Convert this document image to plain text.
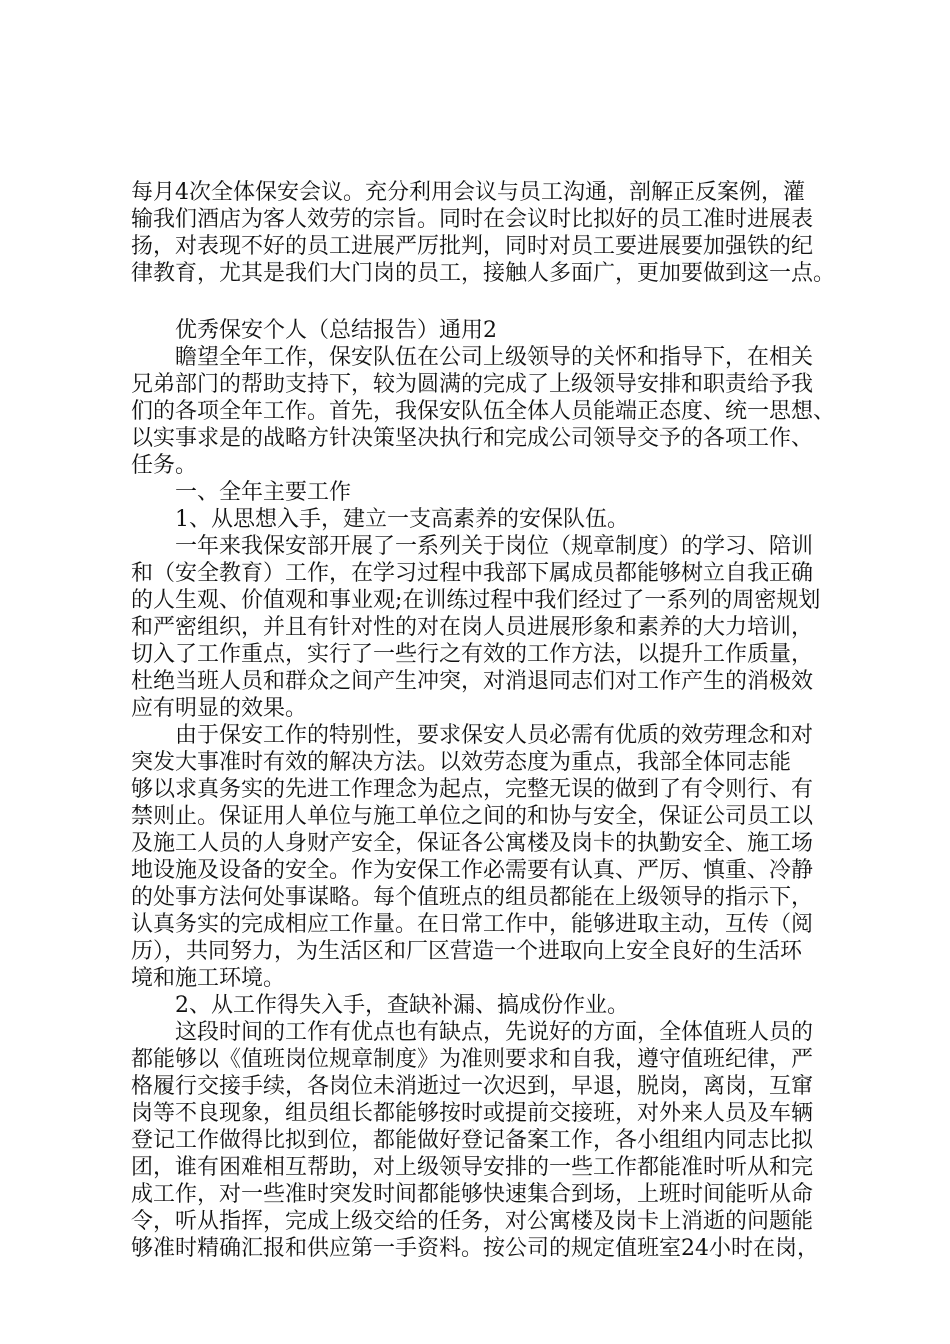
每月4次全体保安会议。充分利用会议与员工沟通，剖解正反案例，灌
输我们酒店为客人效劳的宗旨。同时在会议时比拟好的员工准时进展表
扬，对表现不好的员工进展严厉批判，同时对员工要进展要加强铁的纪
律教育，尤其是我们大门岗的员工，接触人多面广，更加要做到这一点。
　　优秀保安个人（总结报告）通用2
　　瞻望全年工作，保安队伍在公司上级领导的关怀和指导下，在相关
兄弟部门的帮助支持下，较为圆满的完成了上级领导安排和职责给予我
们的各项全年工作。首先，我保安队伍全体人员能端正态度、统一思想、
以实事求是的战略方针决策坚决执行和完成公司领导交予的各项工作、
任务。
　　一、全年主要工作
　　1、从思想入手，建立一支高素养的安保队伍。
　　一年来我保安部开展了一系列关于岗位（规章制度）的学习、陪训
和（安全教育）工作，在学习过程中我部下属成员都能够树立自我正确
的人生观、价值观和事业观;在训练过程中我们经过了一系列的周密规划
和严密组织，并且有针对性的对在岗人员进展形象和素养的大力培训，
切入了工作重点，实行了一些行之有效的工作方法，以提升工作质量，
杜绝当班人员和群众之间产生冲突，对消退同志们对工作产生的消极效
应有明显的效果。
　　由于保安工作的特别性，要求保安人员必需有优质的效劳理念和对
突发大事准时有效的解决方法。以效劳态度为重点，我部全体同志能
够以求真务实的先进工作理念为起点，完整无误的做到了有令则行、有
禁则止。保证用人单位与施工单位之间的和协与安全，保证公司员工以
及施工人员的人身财产安全，保证各公寓楼及岗卡的执勤安全、施工场
地设施及设备的安全。作为安保工作必需要有认真、严厉、慎重、冷静
的处事方法何处事谋略。每个值班点的组员都能在上级领导的指示下，
认真务实的完成相应工作量。在日常工作中，能够进取主动，互传（阅
历），共同努力，为生活区和厂区营造一个进取向上安全良好的生活环
境和施工环境。
　　2、从工作得失入手，查缺补漏、搞成份作业。
　　这段时间的工作有优点也有缺点，先说好的方面，全体值班人员的
都能够以《值班岗位规章制度》为准则要求和自我，遵守值班纪律，严
格履行交接手续，各岗位未消逝过一次迟到，早退，脱岗，离岗，互窜
岗等不良现象，组员组长都能够按时或提前交接班，对外来人员及车辆
登记工作做得比拟到位，都能做好登记备案工作，各小组组内同志比拟
团，谁有困难相互帮助，对上级领导安排的一些工作都能准时听从和完
成工作，对一些准时突发时间都能够快速集合到场，上班时间能听从命
令，听从指挥，完成上级交给的任务，对公寓楼及岗卡上消逝的问题能
够准时精确汇报和供应第一手资料。按公司的规定值班室24小时在岗，
